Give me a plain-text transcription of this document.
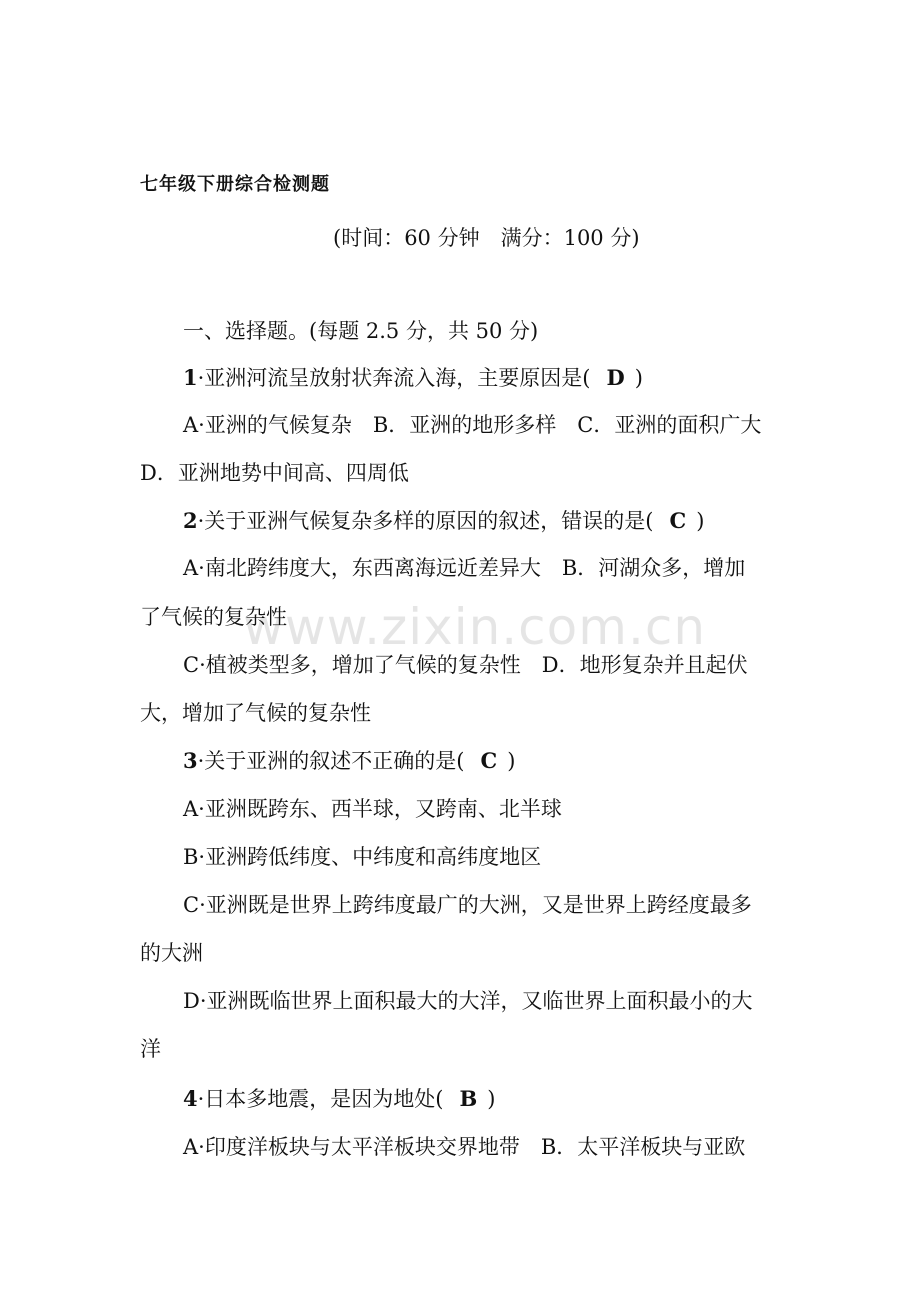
七年级下册综合检测题
(时间：60 分钟　满分：100 分)
www.zixin.com.cn
一、选择题。(每题 2.5 分，共 50 分)
1·亚洲河流呈放射状奔流入海，主要原因是( D )
A·亚洲的气候复杂　B．亚洲的地形多样　C．亚洲的面积广大
D．亚洲地势中间高、四周低
2·关于亚洲气候复杂多样的原因的叙述，错误的是( C )
A·南北跨纬度大，东西离海远近差异大　B．河湖众多，增加
了气候的复杂性
C·植被类型多，增加了气候的复杂性　D．地形复杂并且起伏
大，增加了气候的复杂性
3·关于亚洲的叙述不正确的是( C )
A·亚洲既跨东、西半球，又跨南、北半球
B·亚洲跨低纬度、中纬度和高纬度地区
C·亚洲既是世界上跨纬度最广的大洲，又是世界上跨经度最多
的大洲
D·亚洲既临世界上面积最大的大洋，又临世界上面积最小的大
洋
4·日本多地震，是因为地处( B )
A·印度洋板块与太平洋板块交界地带　B．太平洋板块与亚欧
